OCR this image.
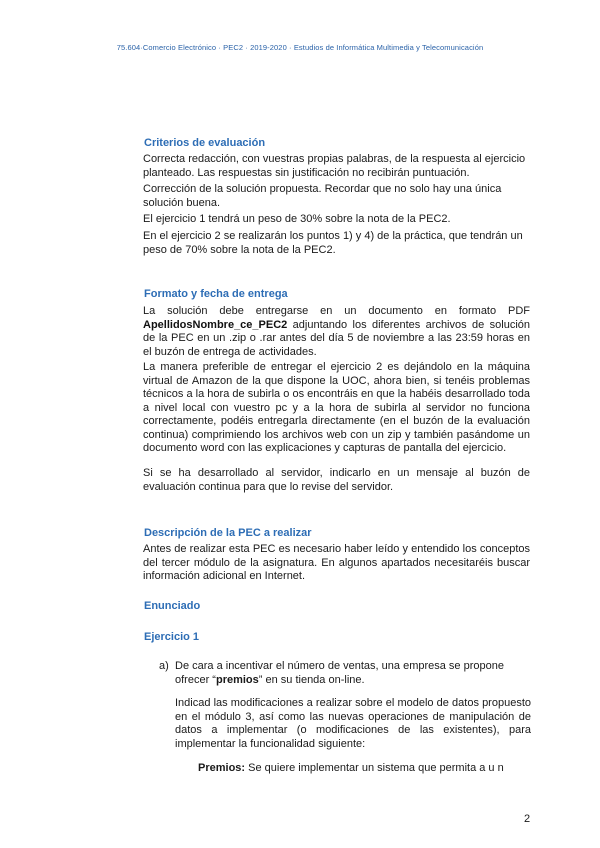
75.604·Comercio Electrónico · PEC2 · 2019-2020 · Estudios de Informática Multimedia y Telecomunicación
Criterios de evaluación
Correcta redacción, con vuestras propias palabras, de la respuesta al ejercicio planteado. Las respuestas sin justificación no recibirán puntuación.
Corrección de la solución propuesta. Recordar que no solo hay una única solución buena.
El ejercicio 1 tendrá un peso de 30% sobre la nota de la PEC2.
En el ejercicio 2 se realizarán los puntos 1) y 4) de la práctica, que tendrán un peso de 70% sobre la nota de la PEC2.
Formato y fecha de entrega
La solución debe entregarse en un documento en formato PDF ApellidosNombre_ce_PEC2 adjuntando los diferentes archivos de solución de la PEC en un .zip o .rar antes del día 5 de noviembre a las 23:59 horas en el buzón de entrega de actividades.
La manera preferible de entregar el ejercicio 2 es dejándolo en la máquina virtual de Amazon de la que dispone la UOC, ahora bien, si tenéis problemas técnicos a la hora de subirla o os encontráis en que la habéis desarrollado toda a nivel local con vuestro pc y a la hora de subirla al servidor no funciona correctamente, podéis entregarla directamente (en el buzón de la evaluación continua) comprimiendo los archivos web con un zip y también pasándome un documento word con las explicaciones y capturas de pantalla del ejercicio.
Si se ha desarrollado al servidor, indicarlo en un mensaje al buzón de evaluación continua para que lo revise del servidor.
Descripción de la PEC a realizar
Antes de realizar esta PEC es necesario haber leído y entendido los conceptos del tercer módulo de la asignatura. En algunos apartados necesitaréis buscar información adicional en Internet.
Enunciado
Ejercicio 1
a) De cara a incentivar el número de ventas, una empresa se propone ofrecer “premios” en su tienda on-line.
Indicad las modificaciones a realizar sobre el modelo de datos propuesto en el módulo 3, así como las nuevas operaciones de manipulación de datos a implementar (o modificaciones de las existentes), para implementar la funcionalidad siguiente:
Premios: Se quiere implementar un sistema que permita a u n
2
